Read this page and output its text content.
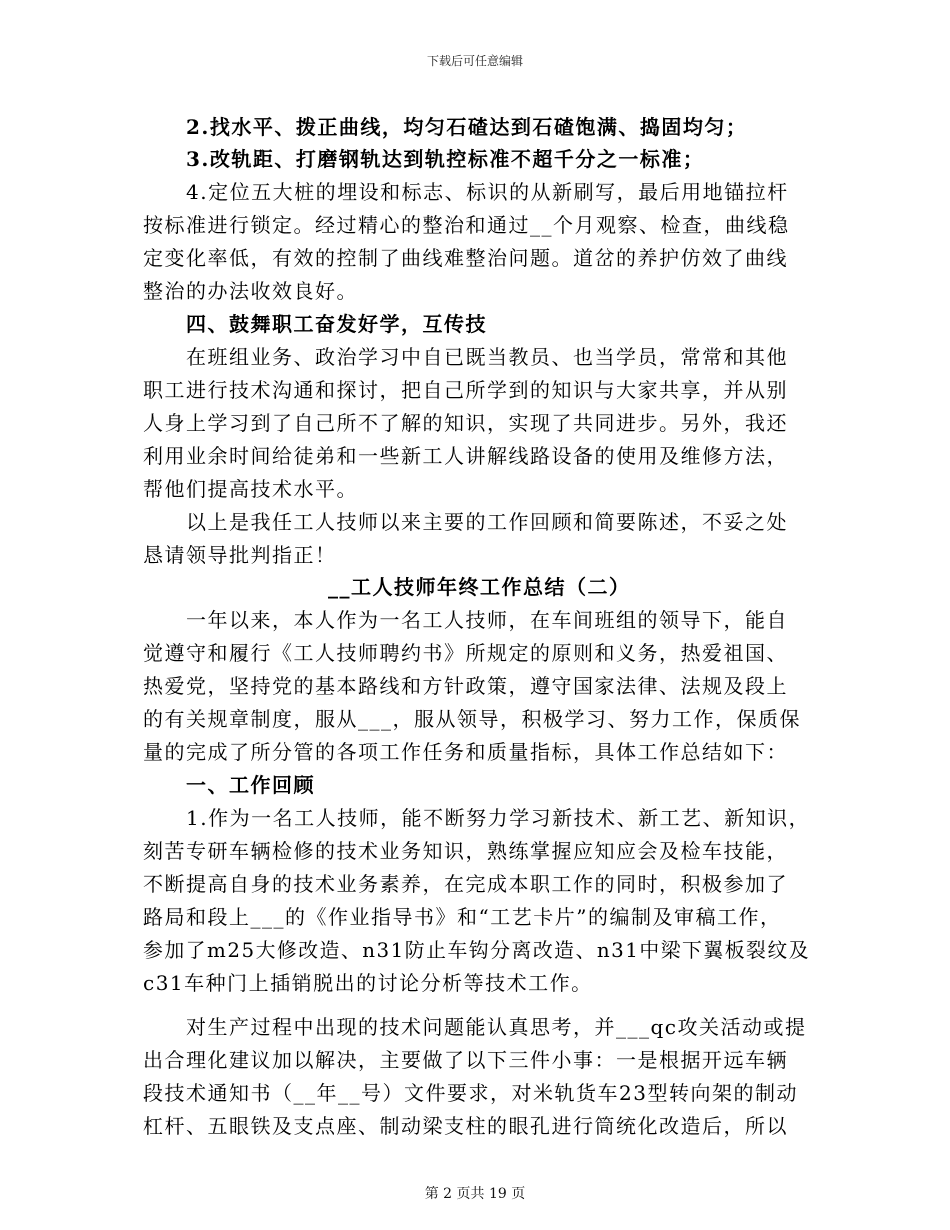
下载后可任意编辑
2.找水平、拨正曲线，均匀石碴达到石碴饱满、捣固均匀；
3.改轨距、打磨钢轨达到轨控标准不超千分之一标准；
4.定位五大桩的埋设和标志、标识的从新刷写，最后用地锚拉杆
按标准进行锁定。经过精心的整治和通过__个月观察、检查，曲线稳
定变化率低，有效的控制了曲线难整治问题。道岔的养护仿效了曲线
整治的办法收效良好。
四、鼓舞职工奋发好学，互传技
在班组业务、政治学习中自已既当教员、也当学员，常常和其他
职工进行技术沟通和探讨，把自己所学到的知识与大家共享，并从别
人身上学习到了自己所不了解的知识，实现了共同进步。另外，我还
利用业余时间给徒弟和一些新工人讲解线路设备的使用及维修方法，
帮他们提高技术水平。
以上是我任工人技师以来主要的工作回顾和简要陈述，不妥之处
恳请领导批判指正！
__工人技师年终工作总结（二）
一年以来，本人作为一名工人技师，在车间班组的领导下，能自
觉遵守和履行《工人技师聘约书》所规定的原则和义务，热爱祖国、
热爱党，坚持党的基本路线和方针政策，遵守国家法律、法规及段上
的有关规章制度，服从___，服从领导，积极学习、努力工作，保质保
量的完成了所分管的各项工作任务和质量指标，具体工作总结如下：
一、工作回顾
1.作为一名工人技师，能不断努力学习新技术、新工艺、新知识，
刻苦专研车辆检修的技术业务知识，熟练掌握应知应会及检车技能，
不断提高自身的技术业务素养，在完成本职工作的同时，积极参加了
路局和段上___的《作业指导书》和“工艺卡片”的编制及审稿工作，
参加了m25大修改造、n31防止车钩分离改造、n31中梁下翼板裂纹及
c31车种门上插销脱出的讨论分析等技术工作。
对生产过程中出现的技术问题能认真思考，并___qc攻关活动或提
出合理化建议加以解决，主要做了以下三件小事：一是根据开远车辆
段技术通知书（__年__号）文件要求，对米轨货车23型转向架的制动
杠杆、五眼铁及支点座、制动梁支柱的眼孔进行筒统化改造后，所以
第 2 页共 19 页
